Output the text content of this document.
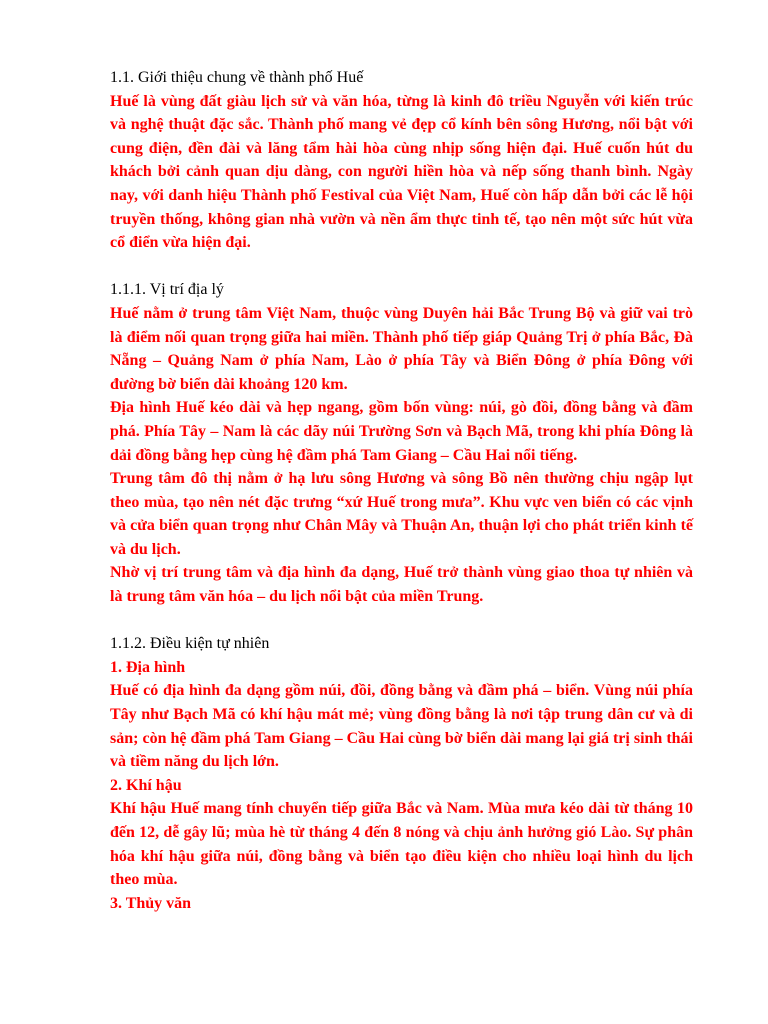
1.1. Giới thiệu chung về thành phố Huế

Huế là vùng đất giàu lịch sử và văn hóa, từng là kinh đô triều Nguyễn với kiến trúc và nghệ thuật đặc sắc. Thành phố mang vẻ đẹp cổ kính bên sông Hương, nổi bật với cung điện, đền đài và lăng tẩm hài hòa cùng nhịp sống hiện đại. Huế cuốn hút du khách bởi cảnh quan dịu dàng, con người hiền hòa và nếp sống thanh bình. Ngày nay, với danh hiệu Thành phố Festival của Việt Nam, Huế còn hấp dẫn bởi các lễ hội truyền thống, không gian nhà vườn và nền ẩm thực tinh tế, tạo nên một sức hút vừa cổ điển vừa hiện đại.

1.1.1. Vị trí địa lý

Huế nằm ở trung tâm Việt Nam, thuộc vùng Duyên hải Bắc Trung Bộ và giữ vai trò là điểm nối quan trọng giữa hai miền. Thành phố tiếp giáp Quảng Trị ở phía Bắc, Đà Nẵng – Quảng Nam ở phía Nam, Lào ở phía Tây và Biển Đông ở phía Đông với đường bờ biển dài khoảng 120 km.

Địa hình Huế kéo dài và hẹp ngang, gồm bốn vùng: núi, gò đồi, đồng bằng và đầm phá. Phía Tây – Nam là các dãy núi Trường Sơn và Bạch Mã, trong khi phía Đông là dải đồng bằng hẹp cùng hệ đầm phá Tam Giang – Cầu Hai nổi tiếng.

Trung tâm đô thị nằm ở hạ lưu sông Hương và sông Bồ nên thường chịu ngập lụt theo mùa, tạo nên nét đặc trưng “xứ Huế trong mưa”. Khu vực ven biển có các vịnh và cửa biển quan trọng như Chân Mây và Thuận An, thuận lợi cho phát triển kinh tế và du lịch.

Nhờ vị trí trung tâm và địa hình đa dạng, Huế trở thành vùng giao thoa tự nhiên và là trung tâm văn hóa – du lịch nổi bật của miền Trung.

1.1.2. Điều kiện tự nhiên

1. Địa hình

Huế có địa hình đa dạng gồm núi, đồi, đồng bằng và đầm phá – biển. Vùng núi phía Tây như Bạch Mã có khí hậu mát mẻ; vùng đồng bằng là nơi tập trung dân cư và di sản; còn hệ đầm phá Tam Giang – Cầu Hai cùng bờ biển dài mang lại giá trị sinh thái và tiềm năng du lịch lớn.

2. Khí hậu

Khí hậu Huế mang tính chuyển tiếp giữa Bắc và Nam. Mùa mưa kéo dài từ tháng 10 đến 12, dễ gây lũ; mùa hè từ tháng 4 đến 8 nóng và chịu ảnh hưởng gió Lào. Sự phân hóa khí hậu giữa núi, đồng bằng và biển tạo điều kiện cho nhiều loại hình du lịch theo mùa.

3. Thủy văn
